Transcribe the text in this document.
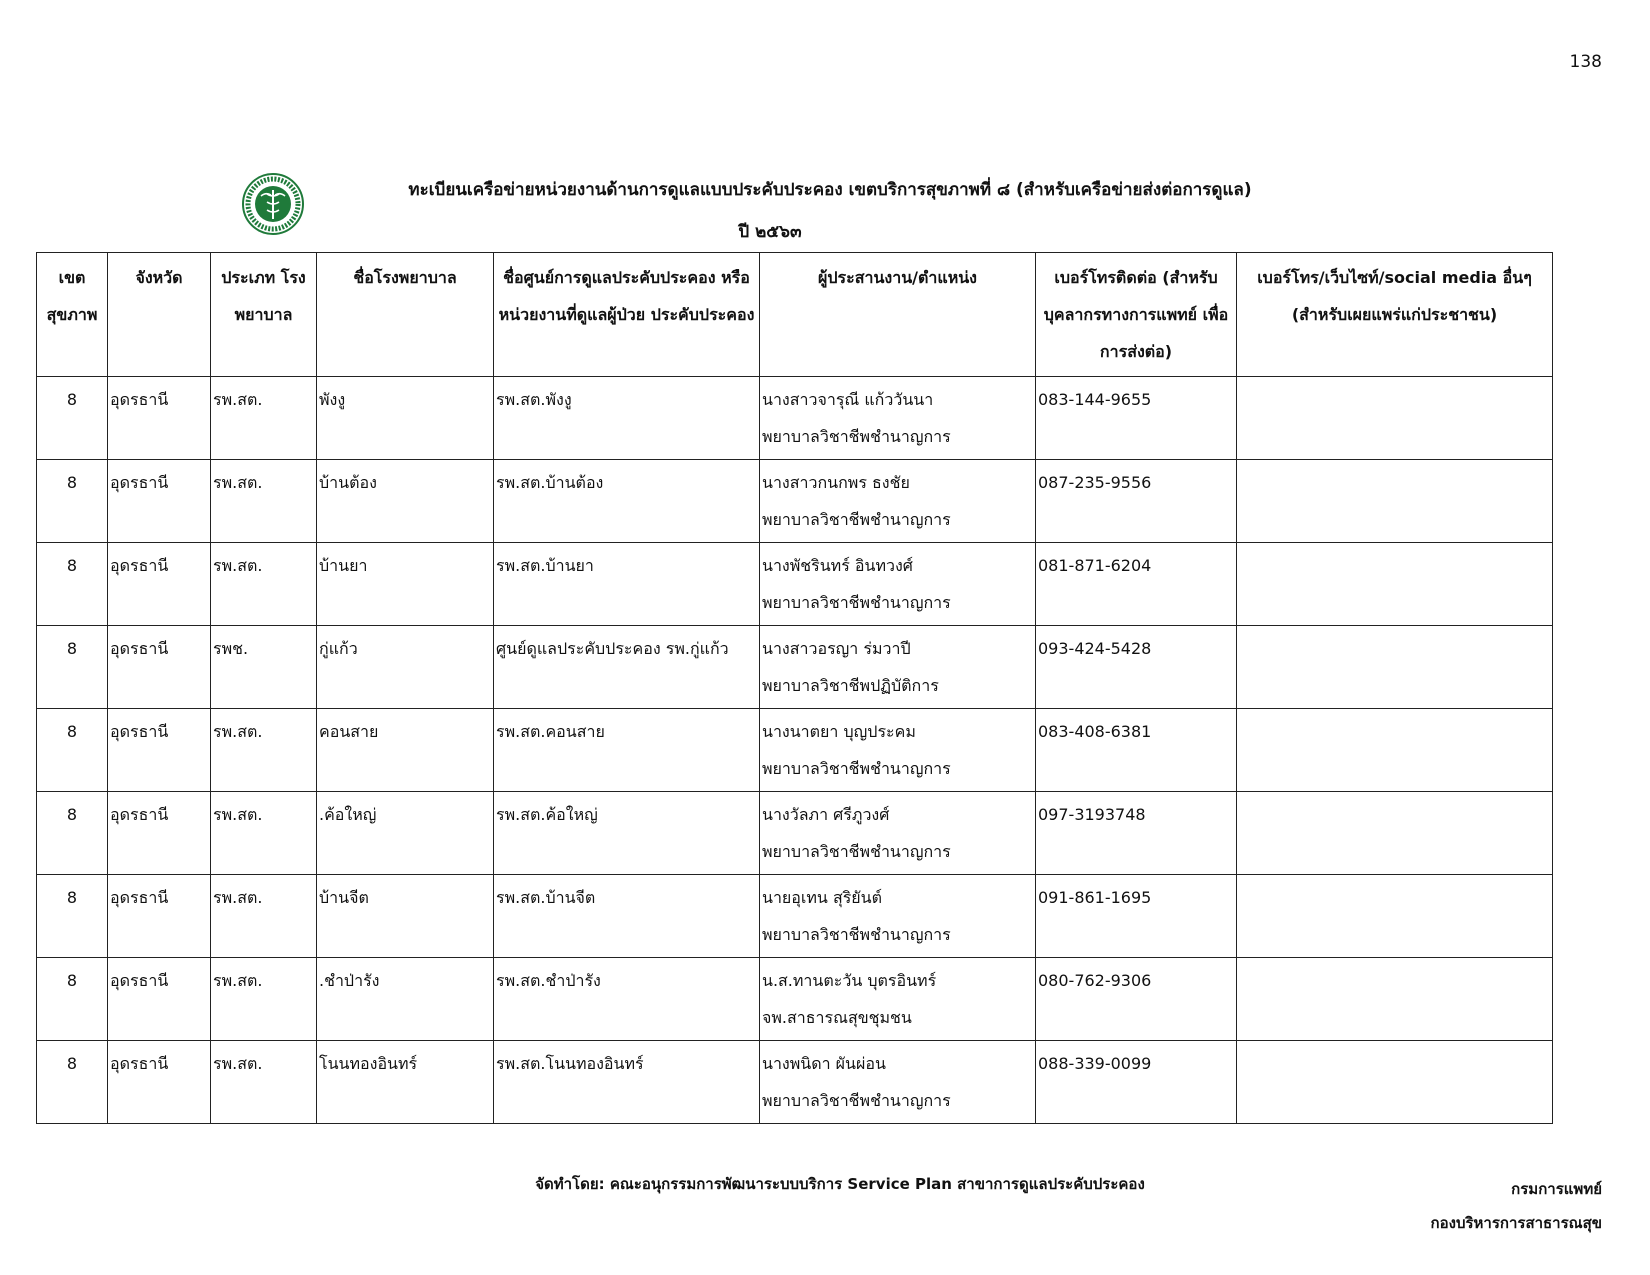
138
ทะเบียนเครือข่ายหน่วยงานด้านการดูแลแบบประคับประคอง เขตบริการสุขภาพที่ ๘ (สำหรับเครือข่ายส่งต่อการดูแล)
ปี ๒๕๖๓
เขต สุขภาพ	จังหวัด	ประเภท โรงพยาบาล	ชื่อโรงพยาบาล	ชื่อศูนย์การดูแลประคับประคอง หรือ หน่วยงานที่ดูแลผู้ป่วย ประคับประคอง	ผู้ประสานงาน/ตำแหน่ง	เบอร์โทรติดต่อ (สำหรับ บุคลากรทางการแพทย์ เพื่อการส่งต่อ)	เบอร์โทร/เว็บไซท์/social media อื่นๆ (สำหรับเผยแพร่แก่ประชาชน)
8	อุดรธานี	รพ.สต.	พังงู	รพ.สต.พังงู	นางสาวจารุณี แก้ววันนา
พยาบาลวิชาชีพชำนาญการ	083-144-9655	
8	อุดรธานี	รพ.สต.	บ้านต้อง	รพ.สต.บ้านต้อง	นางสาวกนกพร ธงชัย
พยาบาลวิชาชีพชำนาญการ	087-235-9556	
8	อุดรธานี	รพ.สต.	บ้านยา	รพ.สต.บ้านยา	นางพัชรินทร์ อินทวงศ์
พยาบาลวิชาชีพชำนาญการ	081-871-6204	
8	อุดรธานี	รพช.	กู่แก้ว	ศูนย์ดูแลประคับประคอง รพ.กู่แก้ว	นางสาวอรญา ร่มวาปี
พยาบาลวิชาชีพปฏิบัติการ	093-424-5428	
8	อุดรธานี	รพ.สต.	คอนสาย	รพ.สต.คอนสาย	นางนาตยา บุญประคม
พยาบาลวิชาชีพชำนาญการ	083-408-6381	
8	อุดรธานี	รพ.สต.	.ค้อใหญ่	รพ.สต.ค้อใหญ่	นางวัลภา ศรีภูวงศ์
พยาบาลวิชาชีพชำนาญการ	097-3193748	
8	อุดรธานี	รพ.สต.	บ้านจีต	รพ.สต.บ้านจีต	นายอุเทน สุริยันต์
พยาบาลวิชาชีพชำนาญการ	091-861-1695	
8	อุดรธานี	รพ.สต.	.ชำป่ารัง	รพ.สต.ชำป่ารัง	น.ส.ทานตะวัน บุตรอินทร์
จพ.สาธารณสุขชุมชน	080-762-9306	
8	อุดรธานี	รพ.สต.	โนนทองอินทร์	รพ.สต.โนนทองอินทร์	นางพนิดา ผันผ่อน
พยาบาลวิชาชีพชำนาญการ	088-339-0099	
จัดทำโดย: คณะอนุกรรมการพัฒนาระบบบริการ Service Plan สาขาการดูแลประคับประคอง	กรมการแพทย์
กองบริหารการสาธารณสุข
